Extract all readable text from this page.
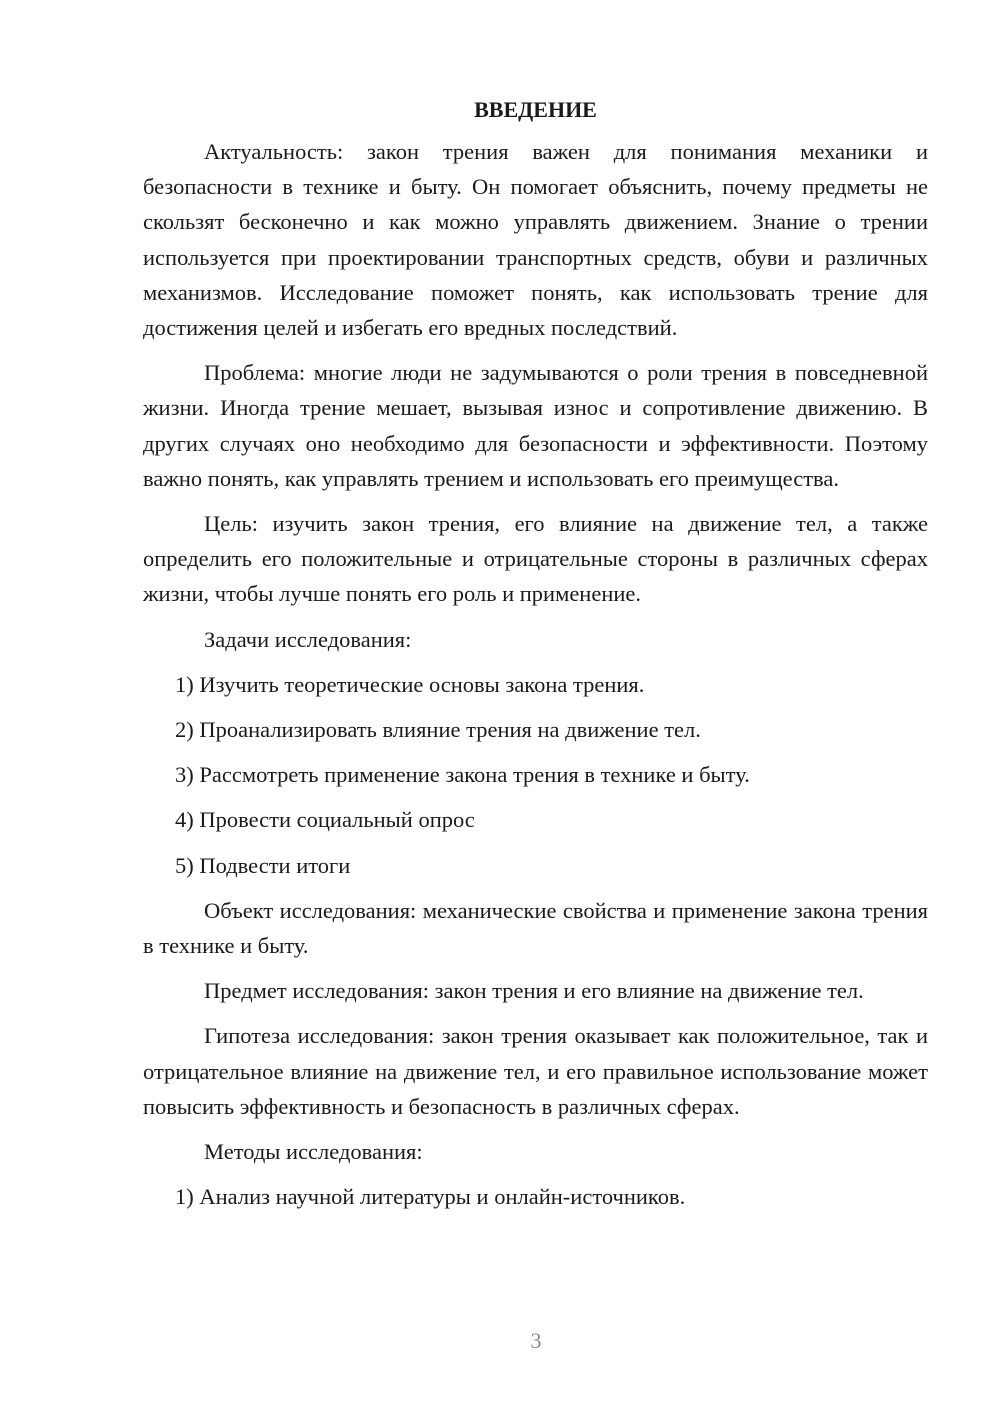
ВВЕДЕНИЕ

Актуальность: закон трения важен для понимания механики и безопасности в технике и быту. Он помогает объяснить, почему предметы не скользят бесконечно и как можно управлять движением. Знание о трении используется при проектировании транспортных средств, обуви и различных механизмов. Исследование поможет понять, как использовать трение для достижения целей и избегать его вредных последствий.

Проблема: многие люди не задумываются о роли трения в повседневной жизни. Иногда трение мешает, вызывая износ и сопротивление движению. В других случаях оно необходимо для безопасности и эффективности. Поэтому важно понять, как управлять трением и использовать его преимущества.

Цель: изучить закон трения, его влияние на движение тел, а также определить его положительные и отрицательные стороны в различных сферах жизни, чтобы лучше понять его роль и применение.

Задачи исследования:

1) Изучить теоретические основы закона трения.
2) Проанализировать влияние трения на движение тел.
3) Рассмотреть применение закона трения в технике и быту.
4) Провести социальный опрос
5) Подвести итоги

Объект исследования: механические свойства и применение закона трения в технике и быту.

Предмет исследования: закон трения и его влияние на движение тел.

Гипотеза исследования: закон трения оказывает как положительное, так и отрицательное влияние на движение тел, и его правильное использование может повысить эффективность и безопасность в различных сферах.

Методы исследования:

1) Анализ научной литературы и онлайн-источников.
3
